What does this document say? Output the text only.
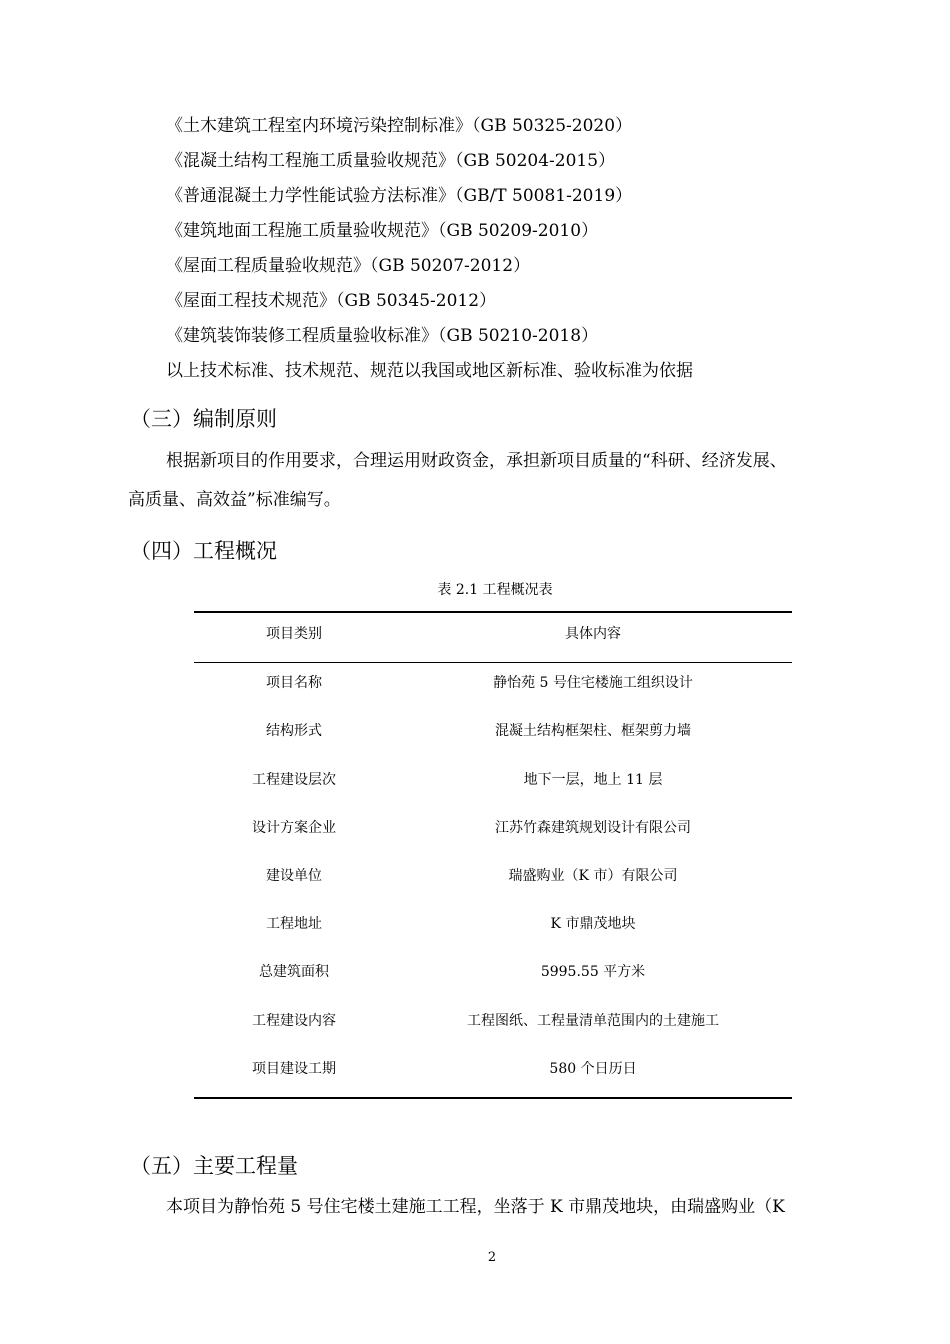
《土木建筑工程室内环境污染控制标准》（GB 50325-2020）
《混凝土结构工程施工质量验收规范》（GB 50204-2015）
《普通混凝土力学性能试验方法标准》（GB/T 50081-2019）
《建筑地面工程施工质量验收规范》（GB 50209-2010）
《屋面工程质量验收规范》（GB 50207-2012）
《屋面工程技术规范》（GB 50345-2012）
《建筑装饰装修工程质量验收标准》（GB 50210-2018）
以上技术标准、技术规范、规范以我国或地区新标准、验收标准为依据
（三）编制原则
根据新项目的作用要求，合理运用财政资金，承担新项目质量的“科研、经济发展、
高质量、高效益”标准编写。
（四）工程概况
表 2.1 工程概况表
项目类别	具体内容
项目名称	静怡苑 5 号住宅楼施工组织设计
结构形式	混凝土结构框架柱、框架剪力墙
工程建设层次	地下一层，地上 11 层
设计方案企业	江苏竹森建筑规划设计有限公司
建设单位	瑞盛购业（K 市）有限公司
工程地址	K 市鼎茂地块
总建筑面积	5995.55 平方米
工程建设内容	工程图纸、工程量清单范围内的土建施工
项目建设工期	580 个日历日
（五）主要工程量
本项目为静怡苑 5 号住宅楼土建施工工程，坐落于 K 市鼎茂地块，由瑞盛购业（K
2
